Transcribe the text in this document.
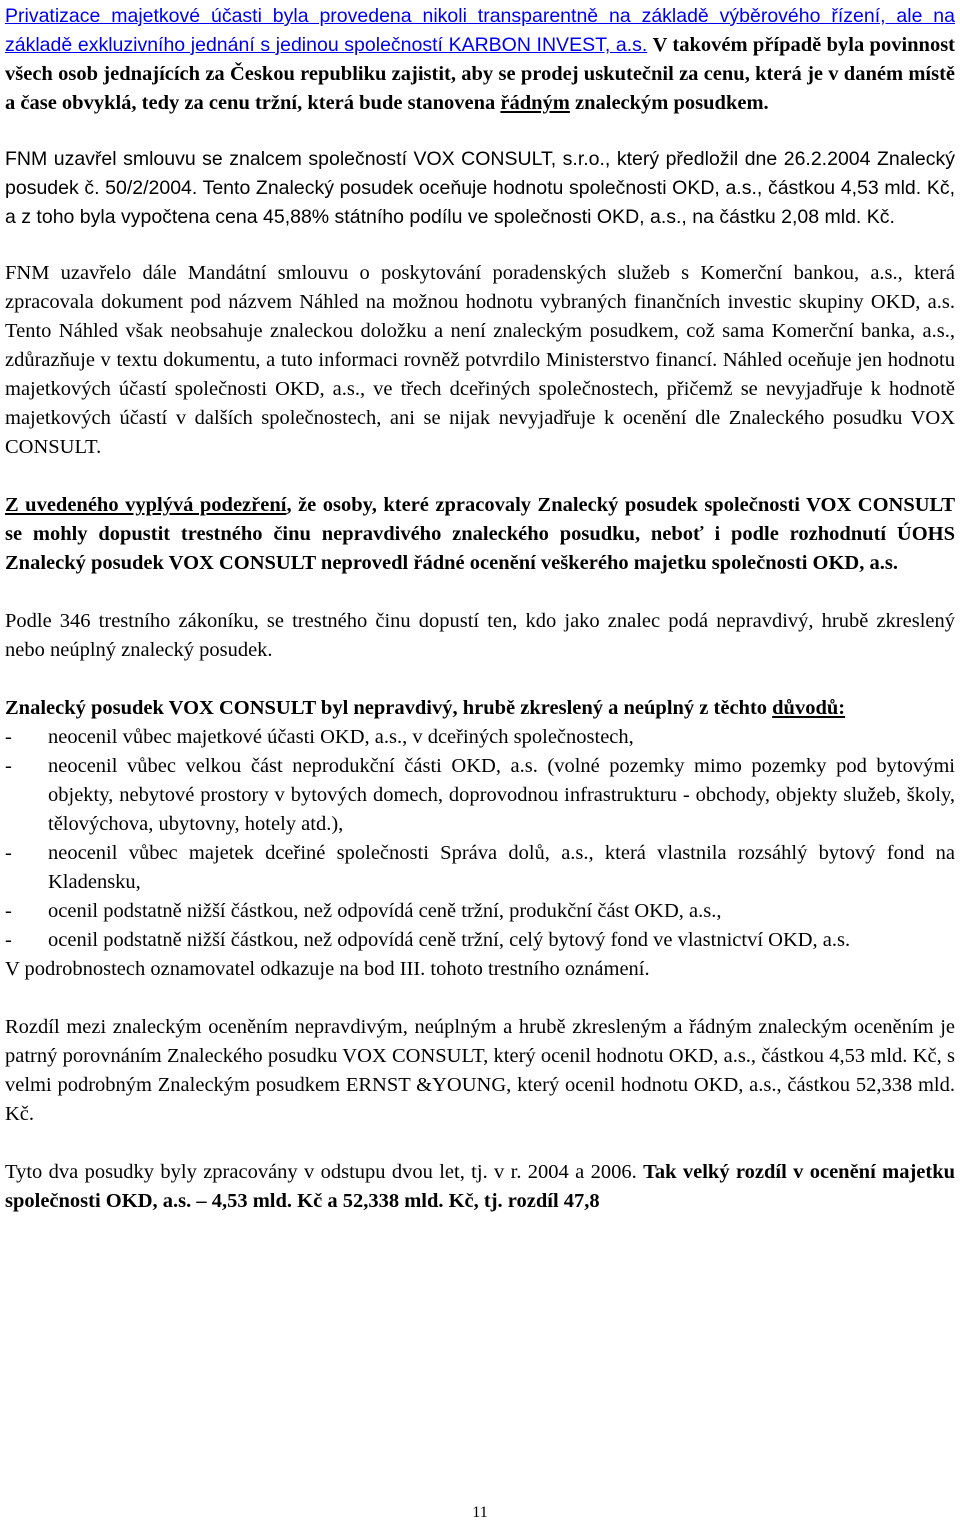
Privatizace majetkové účasti byla provedena nikoli transparentně na základě výběrového řízení, ale na základě exkluzivního jednání s jedinou společností KARBON INVEST, a.s. V takovém případě byla povinnost všech osob jednajících za Českou republiku zajistit, aby se prodej uskutečnil za cenu, která je v daném místě a čase obvyklá, tedy za cenu tržní, která bude stanovena řádným znaleckým posudkem.

FNM uzavřel smlouvu se znalcem společností VOX CONSULT, s.r.o., který předložil dne 26.2.2004 Znalecký posudek č. 50/2/2004. Tento Znalecký posudek oceňuje hodnotu společnosti OKD, a.s., částkou 4,53 mld. Kč, a z toho byla vypočtena cena 45,88% státního podílu ve společnosti OKD, a.s., na částku 2,08 mld. Kč.

FNM uzavřelo dále Mandátní smlouvu o poskytování poradenských služeb s Komerční bankou, a.s., která zpracovala dokument pod názvem Náhled na možnou hodnotu vybraných finančních investic skupiny OKD, a.s. Tento Náhled však neobsahuje znaleckou doložku a není znaleckým posudkem, což sama Komerční banka, a.s., zdůrazňuje v textu dokumentu, a tuto informaci rovněž potvrdilo Ministerstvo financí. Náhled oceňuje jen hodnotu majetkových účastí společnosti OKD, a.s., ve třech dceřiných společnostech, přičemž se nevyjadřuje k hodnotě majetkových účastí v dalších společnostech, ani se nijak nevyjadřuje k ocenění dle Znaleckého posudku VOX CONSULT.

Z uvedeného vyplývá podezření, že osoby, které zpracovaly Znalecký posudek společnosti VOX CONSULT se mohly dopustit trestného činu nepravdivého znaleckého posudku, neboť i podle rozhodnutí ÚOHS Znalecký posudek VOX CONSULT neprovedl řádné ocenění veškerého majetku společnosti OKD, a.s.

Podle 346 trestního zákoníku, se trestného činu dopustí ten, kdo jako znalec podá nepravdivý, hrubě zkreslený nebo neúplný znalecký posudek.

Znalecký posudek VOX CONSULT byl nepravdivý, hrubě zkreslený a neúplný z těchto důvodů:

- neocenil vůbec majetkové účasti OKD, a.s., v dceřiných společnostech,
- neocenil vůbec velkou část neprodukční části OKD, a.s. (volné pozemky mimo pozemky pod bytovými objekty, nebytové prostory v bytových domech, doprovodnou infrastrukturu - obchody, objekty služeb, školy, tělovýchova, ubytovny, hotely atd.),
- neocenil vůbec majetek dceřiné společnosti Správa dolů, a.s., která vlastnila rozsáhlý bytový fond na Kladensku,
- ocenil podstatně nižší částkou, než odpovídá ceně tržní, produkční část OKD, a.s.,
- ocenil podstatně nižší částkou, než odpovídá ceně tržní, celý bytový fond ve vlastnictví OKD, a.s.

V podrobnostech oznamovatel odkazuje na bod III. tohoto trestního oznámení.

Rozdíl mezi znaleckým oceněním nepravdivým, neúplným a hrubě zkresleným a řádným znaleckým oceněním je patrný porovnáním Znaleckého posudku VOX CONSULT, který ocenil hodnotu OKD, a.s., částkou 4,53 mld. Kč, s velmi podrobným Znaleckým posudkem ERNST &YOUNG, který ocenil hodnotu OKD, a.s., částkou 52,338 mld. Kč.

Tyto dva posudky byly zpracovány v odstupu dvou let, tj. v r. 2004 a 2006. Tak velký rozdíl v ocenění majetku společnosti OKD, a.s. – 4,53 mld. Kč a 52,338 mld. Kč, tj. rozdíl 47,8

11
